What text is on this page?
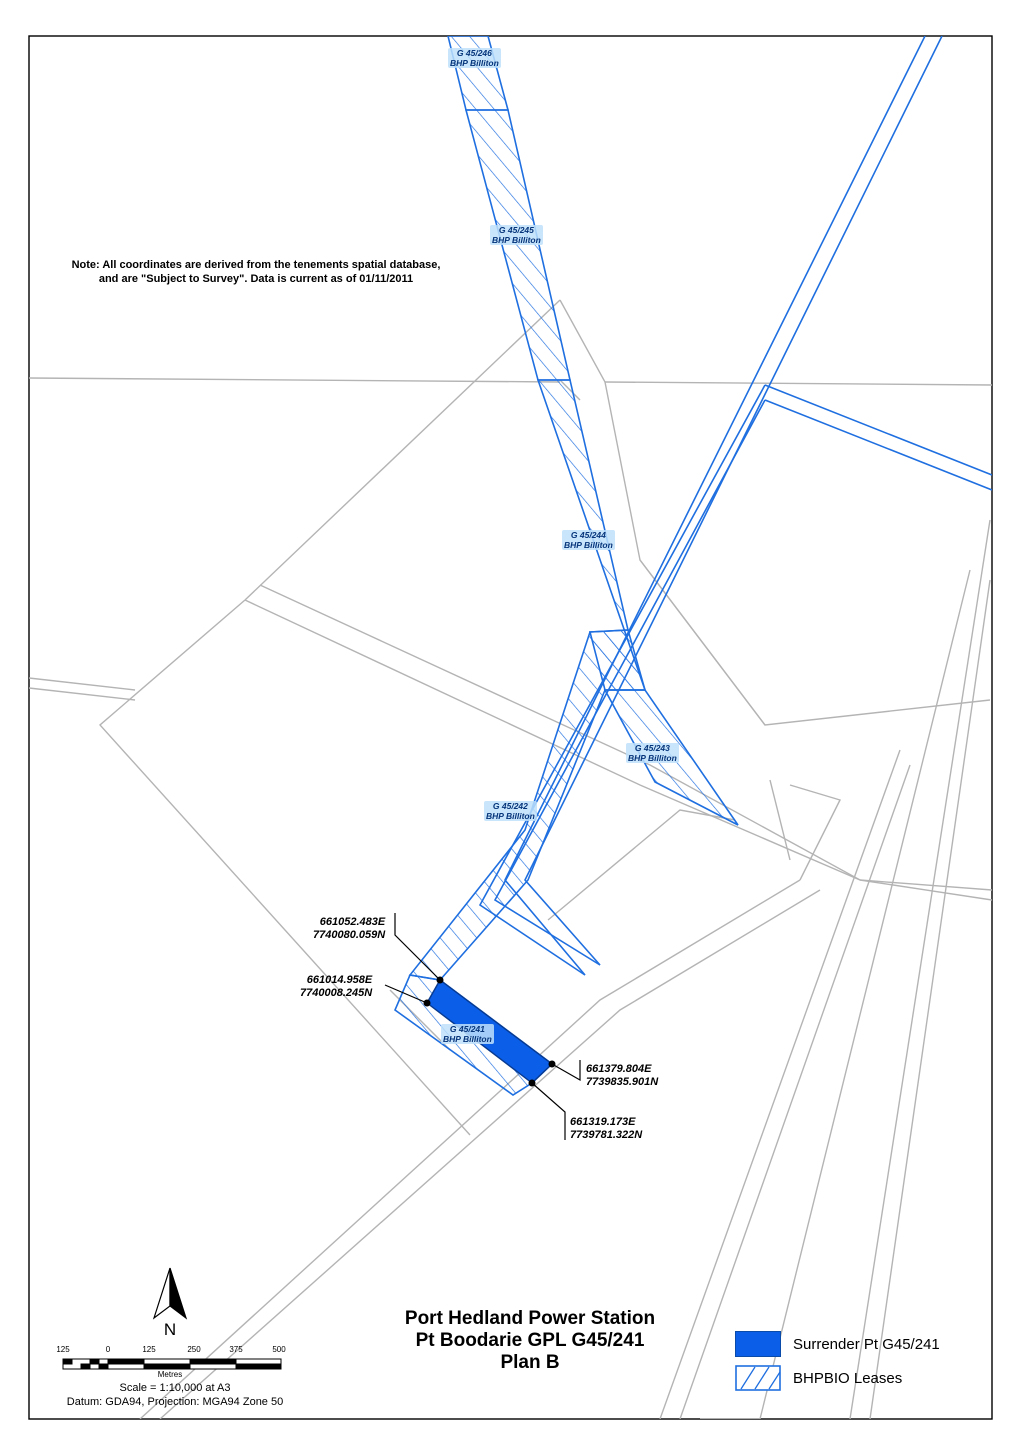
Note: All coordinates are derived from the tenements spatial database,
and are "Subject to Survey". Data is current as of 01/11/2011
G 45/246
BHP Billiton
G 45/245
BHP Billiton
G 45/244
BHP Billiton
G 45/243
BHP Billiton
G 45/242
BHP Billiton
G 45/241
BHP Billiton
661052.483E
7740080.059N
661014.958E
7740008.245N
661379.804E
7739835.901N
661319.173E
7739781.322N
N
125	0	125	250	375	500
Metres
Scale = 1:10,000 at A3
Datum: GDA94, Projection: MGA94 Zone 50
Port Hedland Power Station
Pt Boodarie GPL G45/241
Plan B
Surrender Pt G45/241
BHPBIO Leases
